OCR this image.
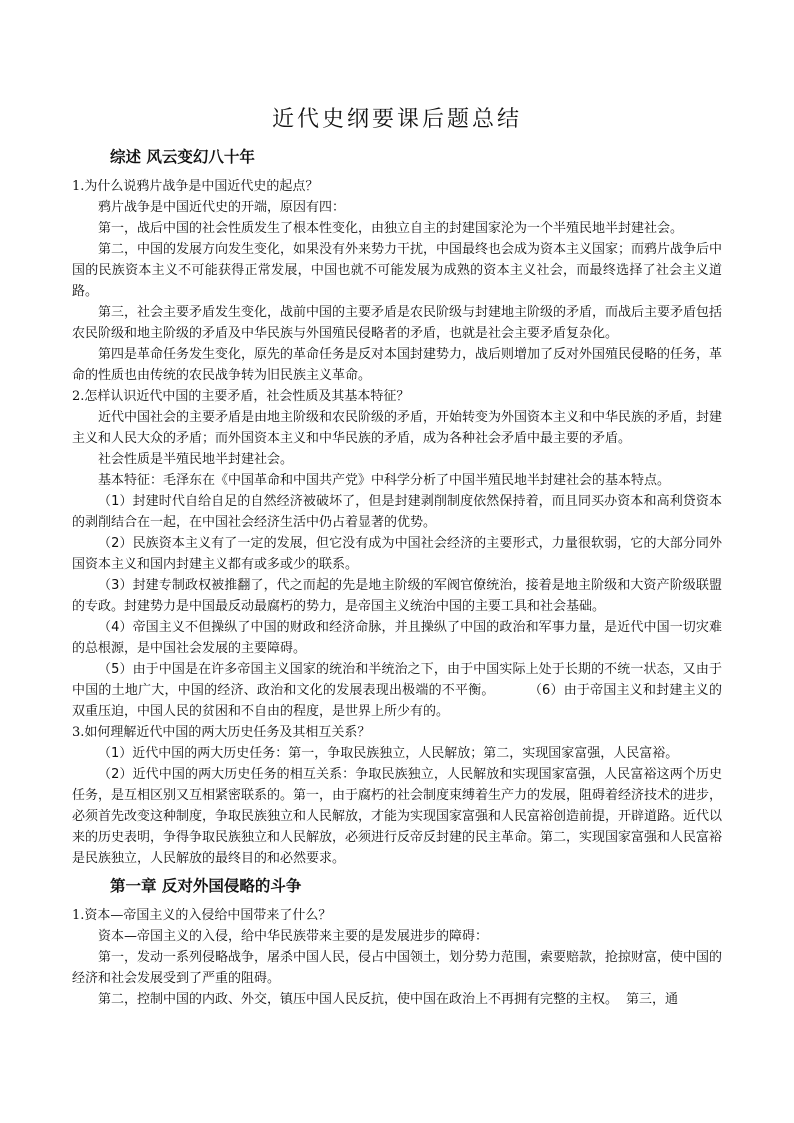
近代史纲要课后题总结
综述 风云变幻八十年
1.为什么说鸦片战争是中国近代史的起点？

鸦片战争是中国近代史的开端，原因有四：

第一，战后中国的社会性质发生了根本性变化，由独立自主的封建国家沦为一个半殖民地半封建社会。

第二，中国的发展方向发生变化，如果没有外来势力干扰，中国最终也会成为资本主义国家；而鸦片战争后中国的民族资本主义不可能获得正常发展，中国也就不可能发展为成熟的资本主义社会，而最终选择了社会主义道路。

第三，社会主要矛盾发生变化，战前中国的主要矛盾是农民阶级与封建地主阶级的矛盾，而战后主要矛盾包括农民阶级和地主阶级的矛盾及中华民族与外国殖民侵略者的矛盾，也就是社会主要矛盾复杂化。

第四是革命任务发生变化，原先的革命任务是反对本国封建势力，战后则增加了反对外国殖民侵略的任务，革命的性质也由传统的农民战争转为旧民族主义革命。

2.怎样认识近代中国的主要矛盾，社会性质及其基本特征？

近代中国社会的主要矛盾是由地主阶级和农民阶级的矛盾，开始转变为外国资本主义和中华民族的矛盾，封建主义和人民大众的矛盾；而外国资本主义和中华民族的矛盾，成为各种社会矛盾中最主要的矛盾。

社会性质是半殖民地半封建社会。

基本特征：毛泽东在《中国革命和中国共产党》中科学分析了中国半殖民地半封建社会的基本特点。

（1）封建时代自给自足的自然经济被破坏了，但是封建剥削制度依然保持着，而且同买办资本和高利贷资本的剥削结合在一起，在中国社会经济生活中仍占着显著的优势。

（2）民族资本主义有了一定的发展，但它没有成为中国社会经济的主要形式，力量很软弱，它的大部分同外国资本主义和国内封建主义都有或多或少的联系。

（3）封建专制政权被推翻了，代之而起的先是地主阶级的军阀官僚统治，接着是地主阶级和大资产阶级联盟的专政。封建势力是中国最反动最腐朽的势力，是帝国主义统治中国的主要工具和社会基础。

（4）帝国主义不但操纵了中国的财政和经济命脉，并且操纵了中国的政治和军事力量，是近代中国一切灾难的总根源，是中国社会发展的主要障碍。

（5）由于中国是在许多帝国主义国家的统治和半统治之下，由于中国实际上处于长期的不统一状态，又由于中国的土地广大，中国的经济、政治和文化的发展表现出极端的不平衡。	（6）由于帝国主义和封建主义的双重压迫，中国人民的贫困和不自由的程度，是世界上所少有的。

3.如何理解近代中国的两大历史任务及其相互关系？

（1）近代中国的两大历史任务：第一，争取民族独立，人民解放；第二，实现国家富强，人民富裕。

（2）近代中国的两大历史任务的相互关系：争取民族独立，人民解放和实现国家富强，人民富裕这两个历史任务，是互相区别又互相紧密联系的。第一，由于腐朽的社会制度束缚着生产力的发展，阻碍着经济技术的进步，必须首先改变这种制度，争取民族独立和人民解放，才能为实现国家富强和人民富裕创造前提，开辟道路。近代以来的历史表明，争得争取民族独立和人民解放，必须进行反帝反封建的民主革命。第二，实现国家富强和人民富裕是民族独立，人民解放的最终目的和必然要求。

第一章 反对外国侵略的斗争
1.资本—帝国主义的入侵给中国带来了什么？

资本—帝国主义的入侵，给中华民族带来主要的是发展进步的障碍：

第一，发动一系列侵略战争，屠杀中国人民，侵占中国领土，划分势力范围，索要赔款，抢掠财富，使中国的经济和社会发展受到了严重的阻碍。

第二，控制中国的内政、外交，镇压中国人民反抗，使中国在政治上不再拥有完整的主权。 第三，通
